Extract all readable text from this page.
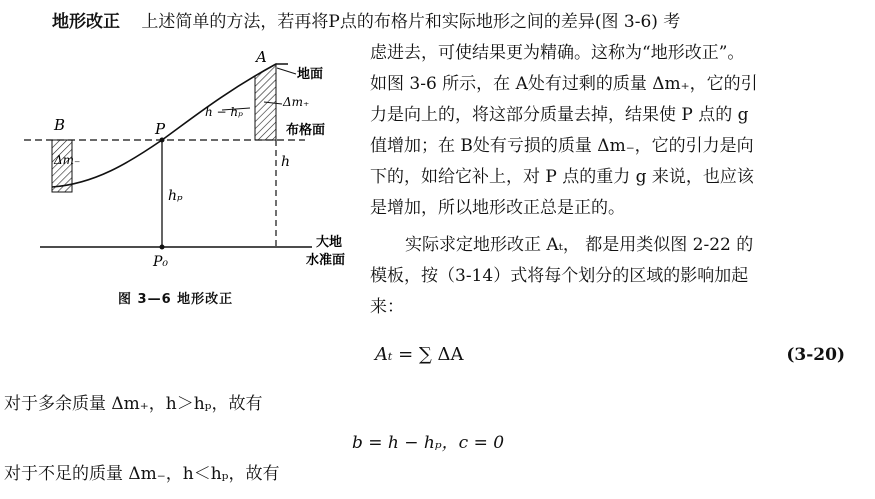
地形改正 上述简单的方法，若再将P点的布格片和实际地形之间的差异(图 3-6) 考
虑进去，可使结果更为精确。这称为“地形改正”。
如图 3-6 所示，在 A处有过剩的质量 Δm₊，它的引
力是向上的，将这部分质量去掉，结果使 P 点的 g
值增加；在 B处有亏损的质量 Δm₋，它的引力是向
下的，如给它补上，对 P 点的重力 g 来说，也应该
是增加，所以地形改正总是正的。
实际求定地形改正 Aₜ， 都是用类似图 2-22 的
模板，按（3-14）式将每个划分的区域的影响加起
来：
Aₜ = ∑ ΔA	(3-20)
对于多余质量 Δm₊，h＞hₚ，故有
b = h − hₚ，c = 0
对于不足的质量 Δm₋，h＜hₚ，故有
A
B	P
P₀
地面
布格面
大地
水准面
Δm₊
Δm₋	h
hₚ
h − hₚ
图 3—6 地形改正
